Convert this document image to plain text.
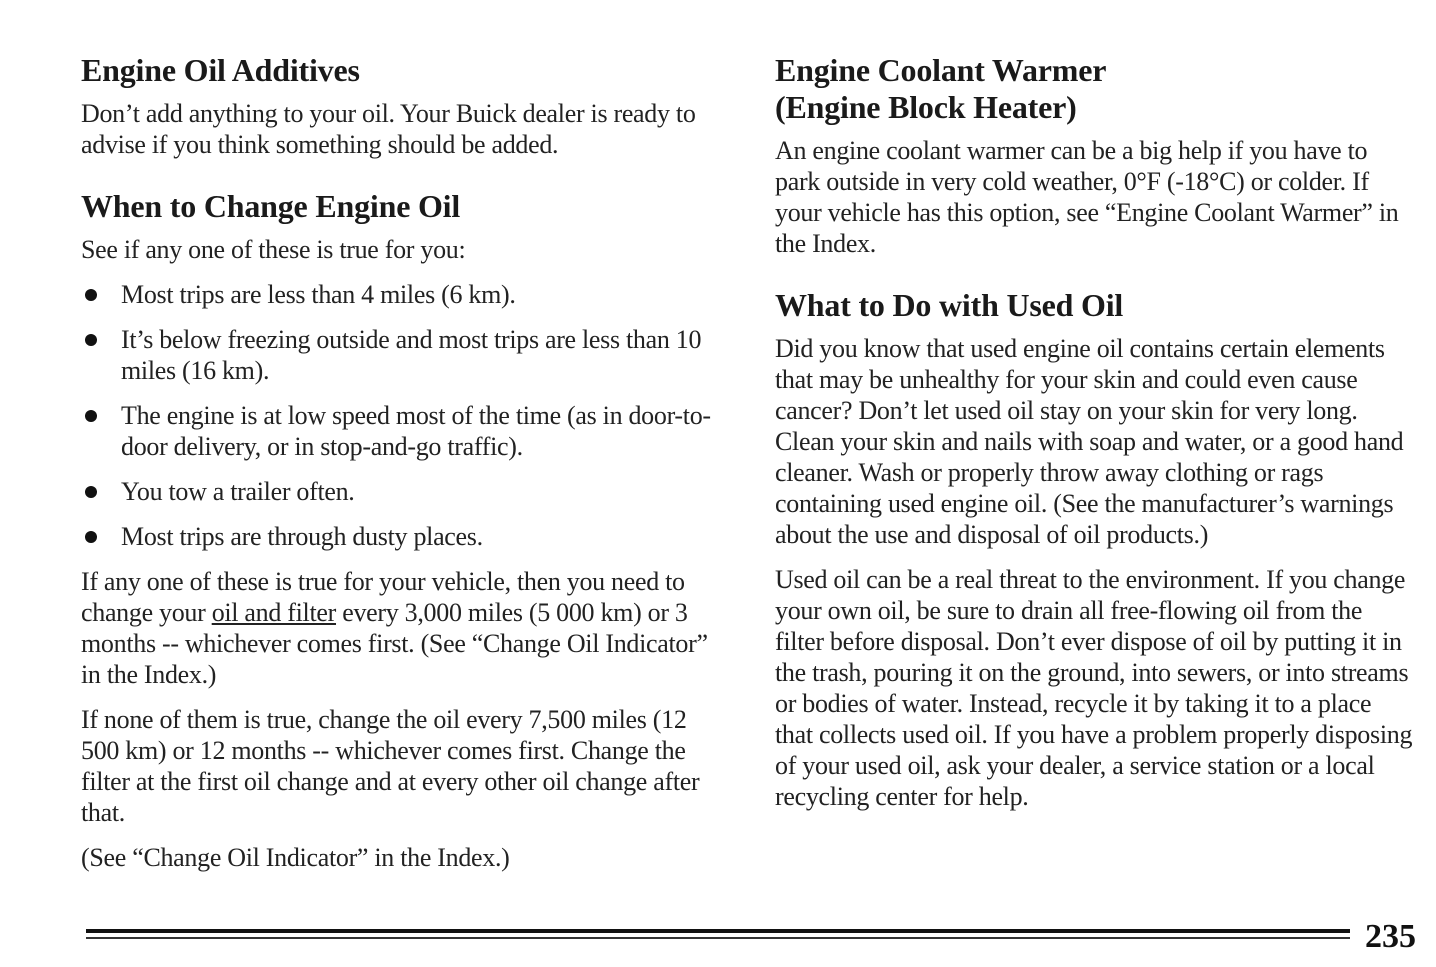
Engine Oil Additives

Don’t add anything to your oil. Your Buick dealer is ready to advise if you think something should be added.

When to Change Engine Oil

See if any one of these is true for you:

Most trips are less than 4 miles (6 km).
It’s below freezing outside and most trips are less than 10 miles (16 km).
The engine is at low speed most of the time (as in door-to-door delivery, or in stop-and-go traffic).
You tow a trailer often.
Most trips are through dusty places.

If any one of these is true for your vehicle, then you need to change your oil and filter every 3,000 miles (5 000 km) or 3 months -- whichever comes first. (See “Change Oil Indicator” in the Index.)

If none of them is true, change the oil every 7,500 miles (12 500 km) or 12 months -- whichever comes first. Change the filter at the first oil change and at every other oil change after that.

(See “Change Oil Indicator” in the Index.)

Engine Coolant Warmer
(Engine Block Heater)

An engine coolant warmer can be a big help if you have to park outside in very cold weather, 0°F (-18°C) or colder. If your vehicle has this option, see “Engine Coolant Warmer” in the Index.

What to Do with Used Oil

Did you know that used engine oil contains certain elements that may be unhealthy for your skin and could even cause cancer? Don’t let used oil stay on your skin for very long. Clean your skin and nails with soap and water, or a good hand cleaner. Wash or properly throw away clothing or rags containing used engine oil. (See the manufacturer’s warnings about the use and disposal of oil products.)

Used oil can be a real threat to the environment. If you change your own oil, be sure to drain all free-flowing oil from the filter before disposal. Don’t ever dispose of oil by putting it in the trash, pouring it on the ground, into sewers, or into streams or bodies of water. Instead, recycle it by taking it to a place that collects used oil. If you have a problem properly disposing of your used oil, ask your dealer, a service station or a local recycling center for help.

235
